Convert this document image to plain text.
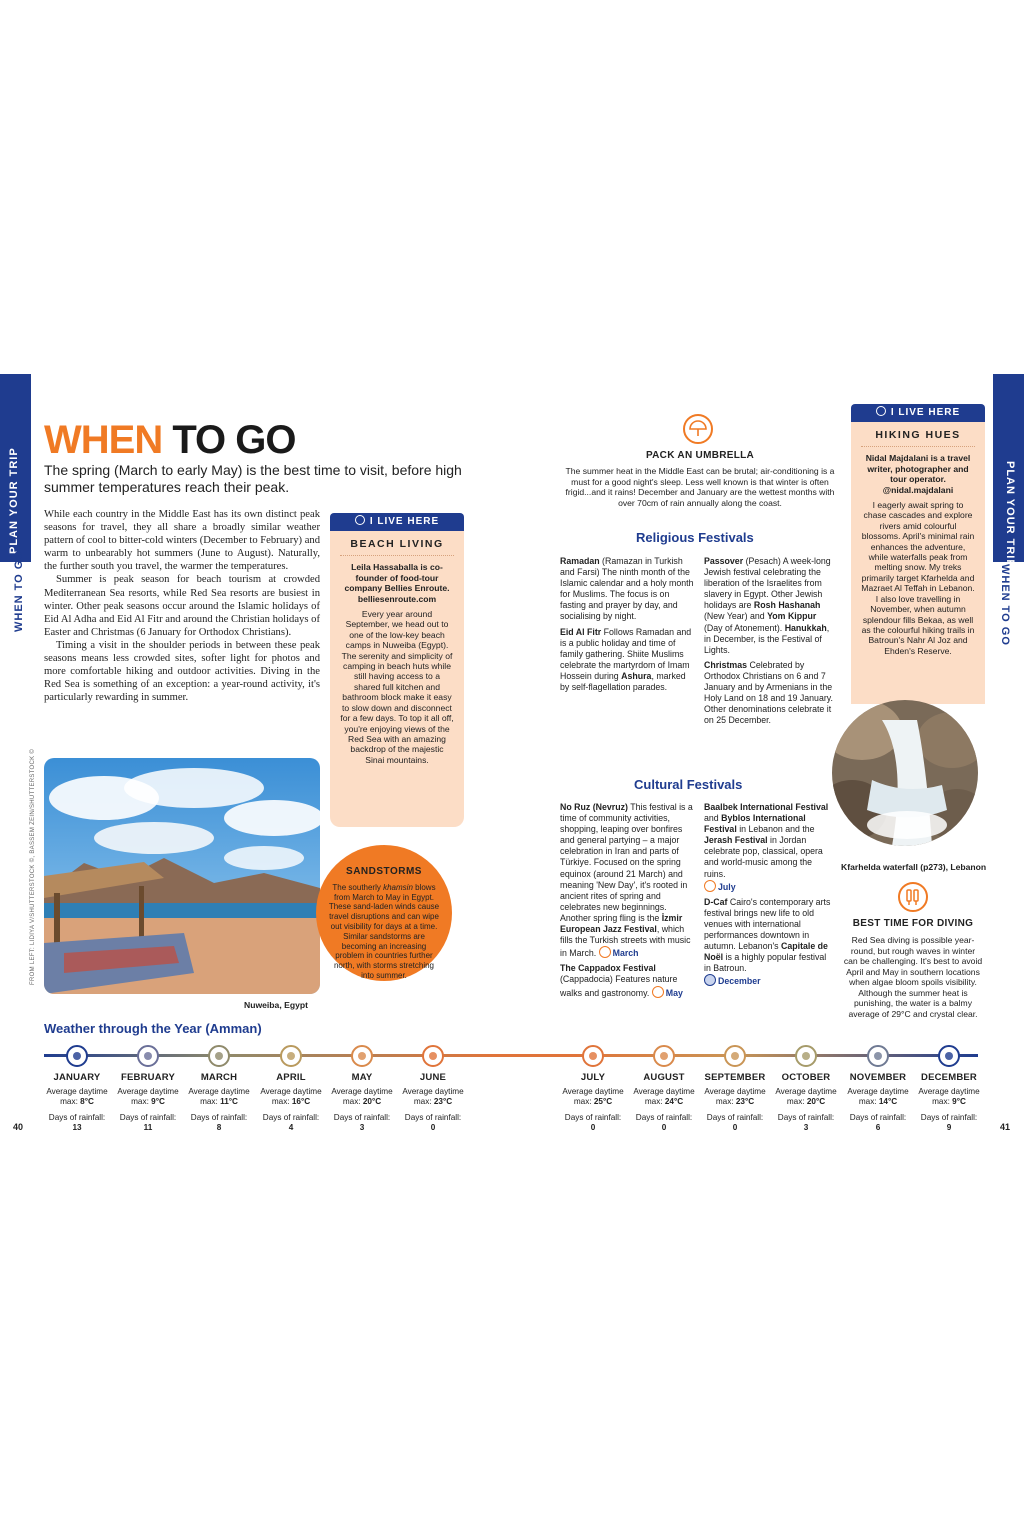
PLAN YOUR TRIP
WHEN TO GO
PLAN YOUR TRIP
WHEN TO GO
WHEN TO GO
The spring (March to early May) is the best time to visit, before high summer temperatures reach their peak.

While each country in the Middle East has its own distinct peak seasons for travel, they all share a broadly similar weather pattern of cool to bitter-cold winters (December to February) and warm to unbearably hot summers (June to August). Naturally, the further south you travel, the warmer the temperatures.

Summer is peak season for beach tourism at crowded Mediterranean Sea resorts, while Red Sea resorts are busiest in winter. Other peak seasons occur around the Islamic holidays of Eid Al Adha and Eid Al Fitr and around the Christian holidays of Easter and Christmas (6 January for Orthodox Christians).

Timing a visit in the shoulder periods in between these peak seasons means less crowded sites, softer light for photos and more comfortable hiking and outdoor activities. Diving in the Red Sea is something of an exception: a year-round activity, it's particularly rewarding in summer.

I LIVE HERE
BEACH LIVING
Leila Hassaballa is co-founder of food-tour company Bellies Enroute. belliesenroute.com
Every year around September, we head out to one of the low-key beach camps in Nuweiba (Egypt). The serenity and simplicity of camping in beach huts while still having access to a shared full kitchen and bathroom block make it easy to slow down and disconnect for a few days. To top it all off, you're enjoying views of the Red Sea with an amazing backdrop of the majestic Sinai mountains.
Nuweiba, Egypt
FROM LEFT: LIDIYA V/SHUTTERSTOCK ©, BASSEM ZEIN/SHUTTERSTOCK ©	SANDSTORMS
The southerly khamsin blows from March to May in Egypt. These sand-laden winds cause travel disruptions and can wipe out visibility for days at a time. Similar sandstorms are becoming an increasing problem in countries further north, with storms stretching into summer.
PACK AN UMBRELLA
The summer heat in the Middle East can be brutal; air-conditioning is a must for a good night's sleep. Less well known is that winter is often frigid...and it rains! December and January are the wettest months with over 70cm of rain annually along the coast.
Religious Festivals

Ramadan (Ramazan in Turkish and Farsi) The ninth month of the Islamic calendar and a holy month for Muslims. The focus is on fasting and prayer by day, and socialising by night.

Eid Al Fitr Follows Ramadan and is a public holiday and time of family gathering. Shiite Muslims celebrate the martyrdom of Imam Hossein during Ashura, marked by self-flagellation parades.

Passover (Pesach) A week-long Jewish festival celebrating the liberation of the Israelites from slavery in Egypt. Other Jewish holidays are Rosh Hashanah (New Year) and Yom Kippur (Day of Atonement). Hanukkah, in December, is the Festival of Lights.

Christmas Celebrated by Orthodox Christians on 6 and 7 January and by Armenians in the Holy Land on 18 and 19 January. Other denominations celebrate it on 25 December.

Cultural Festivals

No Ruz (Nevruz) This festival is a time of community activities, shopping, leaping over bonfires and general partying – a major celebration in Iran and parts of Türkiye. Focused on the spring equinox (around 21 March) and meaning 'New Day', it's rooted in ancient rites of spring and celebrates new beginnings. Another spring fling is the İzmir European Jazz Festival, which fills the Turkish streets with music in March. March

The Cappadox Festival (Cappadocia) Features nature walks and gastronomy. May

Baalbek International Festival and Byblos International Festival in Lebanon and the Jerash Festival in Jordan celebrate pop, classical, opera and world-music among the ruins.
July

D-Caf Cairo's contemporary arts festival brings new life to old venues with international performances downtown in autumn. Lebanon's Capitale de Noël is a highly popular festival in Batroun.
December

I LIVE HERE
HIKING HUES
Nidal Majdalani is a travel writer, photographer and tour operator. @nidal.majdalani
I eagerly await spring to chase cascades and explore rivers amid colourful blossoms. April's minimal rain enhances the adventure, while waterfalls peak from melting snow. My treks primarily target Kfarhelda and Mazraet Al Teffah in Lebanon. I also love travelling in November, when autumn splendour fills Bekaa, as well as the colourful hiking trails in Batroun's Nahr Al Joz and Ehden's Reserve.
Kfarhelda waterfall (p273), Lebanon
BEST TIME FOR DIVING
Red Sea diving is possible year-round, but rough waves in winter can be challenging. It's best to avoid April and May in southern locations when algae bloom spoils visibility. Although the summer heat is punishing, the water is a balmy average of 29°C and crystal clear.
Weather through the Year (Amman)
JANUARY
Average daytime max: 8°C
Days of rainfall:
13
FEBRUARY
Average daytime max: 9°C
Days of rainfall:
11
MARCH
Average daytime max: 11°C
Days of rainfall:
8
APRIL
Average daytime max: 16°C
Days of rainfall:
4
MAY
Average daytime max: 20°C
Days of rainfall:
3
JUNE
Average daytime max: 23°C
Days of rainfall:
0
JULY
Average daytime max: 25°C
Days of rainfall:
0
AUGUST
Average daytime max: 24°C
Days of rainfall:
0
SEPTEMBER
Average daytime max: 23°C
Days of rainfall:
0
OCTOBER
Average daytime max: 20°C
Days of rainfall:
3
NOVEMBER
Average daytime max: 14°C
Days of rainfall:
6
DECEMBER
Average daytime max: 9°C
Days of rainfall:
9
40	41
